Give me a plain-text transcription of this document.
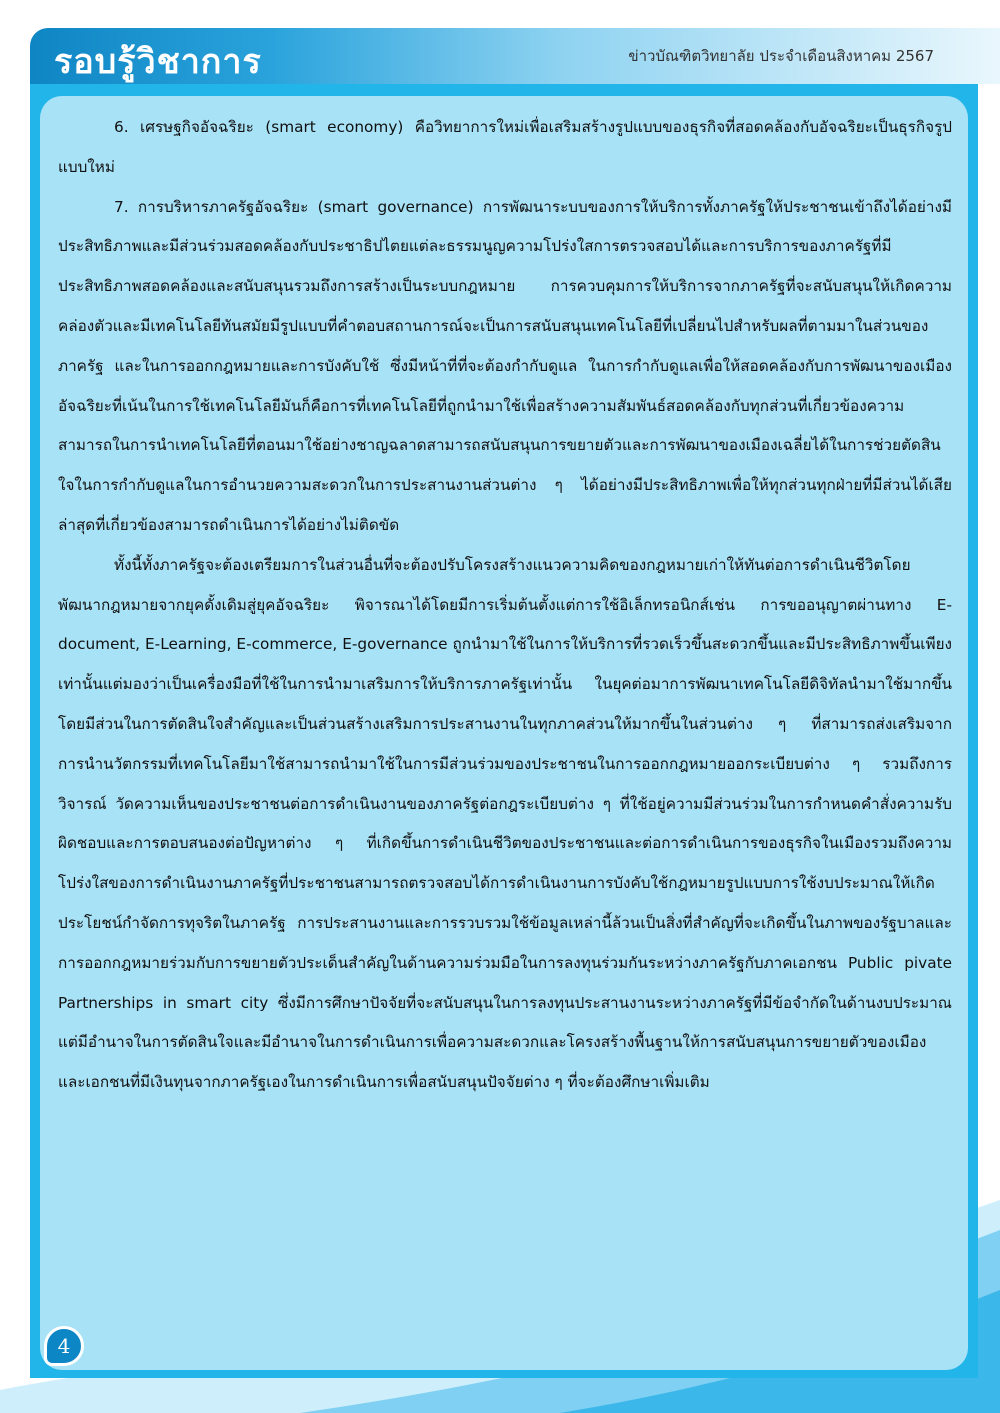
รอบรู้วิชาการ	ข่าวบัณฑิตวิทยาลัย ประจำเดือนสิงหาคม 2567

6. เศรษฐกิจอัจฉริยะ (smart economy) คือวิทยาการใหม่เพื่อเสริมสร้างรูปแบบของธุรกิจที่สอดคล้องกับอัจฉริยะเป็นธุรกิจรูปแบบใหม่

7. การบริหารภาครัฐอัจฉริยะ (smart governance) การพัฒนาระบบของการให้บริการทั้งภาครัฐให้ประชาชนเข้าถึงได้อย่างมีประสิทธิภาพและมีส่วนร่วมสอดคล้องกับประชาธิปไตยแต่ละธรรมนูญความโปร่งใสการตรวจสอบได้และการบริการของภาครัฐที่มีประสิทธิภาพสอดคล้องและสนับสนุนรวมถึงการสร้างเป็นระบบกฎหมาย การควบคุมการให้บริการจากภาครัฐที่จะสนับสนุนให้เกิดความคล่องตัวและมีเทคโนโลยีทันสมัยมีรูปแบบที่คำตอบสถานการณ์จะเป็นการสนับสนุนเทคโนโลยีที่เปลี่ยนไปสำหรับผลที่ตามมาในส่วนของภาครัฐ และในการออกกฎหมายและการบังคับใช้ ซึ่งมีหน้าที่ที่จะต้องกำกับดูแล ในการกำกับดูแลเพื่อให้สอดคล้องกับการพัฒนาของเมืองอัจฉริยะที่เน้นในการใช้เทคโนโลยีมันก็คือการที่เทคโนโลยีที่ถูกนำมาใช้เพื่อสร้างความสัมพันธ์สอดคล้องกับทุกส่วนที่เกี่ยวข้องความสามารถในการนำเทคโนโลยีที่ตอนมาใช้อย่างชาญฉลาดสามารถสนับสนุนการขยายตัวและการพัฒนาของเมืองเฉลี่ยได้ในการช่วยตัดสินใจในการกำกับดูแลในการอำนวยความสะดวกในการประสานงานส่วนต่าง ๆ ได้อย่างมีประสิทธิภาพเพื่อให้ทุกส่วนทุกฝ่ายที่มีส่วนได้เสียล่าสุดที่เกี่ยวข้องสามารถดำเนินการได้อย่างไม่ติดขัด

ทั้งนี้ทั้งภาครัฐจะต้องเตรียมการในส่วนอื่นที่จะต้องปรับโครงสร้างแนวความคิดของกฎหมายเก่าให้ทันต่อการดำเนินชีวิตโดยพัฒนากฎหมายจากยุคดั้งเดิมสู่ยุคอัจฉริยะ พิจารณาได้โดยมีการเริ่มต้นตั้งแต่การใช้อิเล็กทรอนิกส์เช่น การขออนุญาตผ่านทาง E-document, E-Learning, E-commerce, E-governance ถูกนำมาใช้ในการให้บริการที่รวดเร็วขึ้นสะดวกขึ้นและมีประสิทธิภาพขึ้นเพียงเท่านั้นแต่มองว่าเป็นเครื่องมือที่ใช้ในการนำมาเสริมการให้บริการภาครัฐเท่านั้น ในยุคต่อมาการพัฒนาเทคโนโลยีดิจิทัลนำมาใช้มากขึ้นโดยมีส่วนในการตัดสินใจสำคัญและเป็นส่วนสร้างเสริมการประสานงานในทุกภาคส่วนให้มากขึ้นในส่วนต่าง ๆ ที่สามารถส่งเสริมจากการนำนวัตกรรมที่เทคโนโลยีมาใช้สามารถนำมาใช้ในการมีส่วนร่วมของประชาชนในการออกกฎหมายออกระเบียบต่าง ๆ รวมถึงการวิจารณ์ วัดความเห็นของประชาชนต่อการดำเนินงานของภาครัฐต่อกฎระเบียบต่าง ๆ ที่ใช้อยู่ความมีส่วนร่วมในการกำหนดคำสั่งความรับผิดชอบและการตอบสนองต่อปัญหาต่าง ๆ ที่เกิดขึ้นการดำเนินชีวิตของประชาชนและต่อการดำเนินการของธุรกิจในเมืองรวมถึงความโปร่งใสของการดำเนินงานภาครัฐที่ประชาชนสามารถตรวจสอบได้การดำเนินงานการบังคับใช้กฎหมายรูปแบบการใช้งบประมาณให้เกิดประโยชน์กำจัดการทุจริตในภาครัฐ การประสานงานและการรวบรวมใช้ข้อมูลเหล่านี้ล้วนเป็นสิ่งที่สำคัญที่จะเกิดขึ้นในภาพของรัฐบาลและการออกกฎหมายร่วมกับการขยายตัวประเด็นสำคัญในด้านความร่วมมือในการลงทุนร่วมกันระหว่างภาครัฐกับภาคเอกชน Public pivate Partnerships in smart city ซึ่งมีการศึกษาปัจจัยที่จะสนับสนุนในการลงทุนประสานงานระหว่างภาครัฐที่มีข้อจำกัดในด้านงบประมาณแต่มีอำนาจในการตัดสินใจและมีอำนาจในการดำเนินการเพื่อความสะดวกและโครงสร้างพื้นฐานให้การสนับสนุนการขยายตัวของเมืองและเอกชนที่มีเงินทุนจากภาครัฐเองในการดำเนินการเพื่อสนับสนุนปัจจัยต่าง ๆ ที่จะต้องศึกษาเพิ่มเติม

4
